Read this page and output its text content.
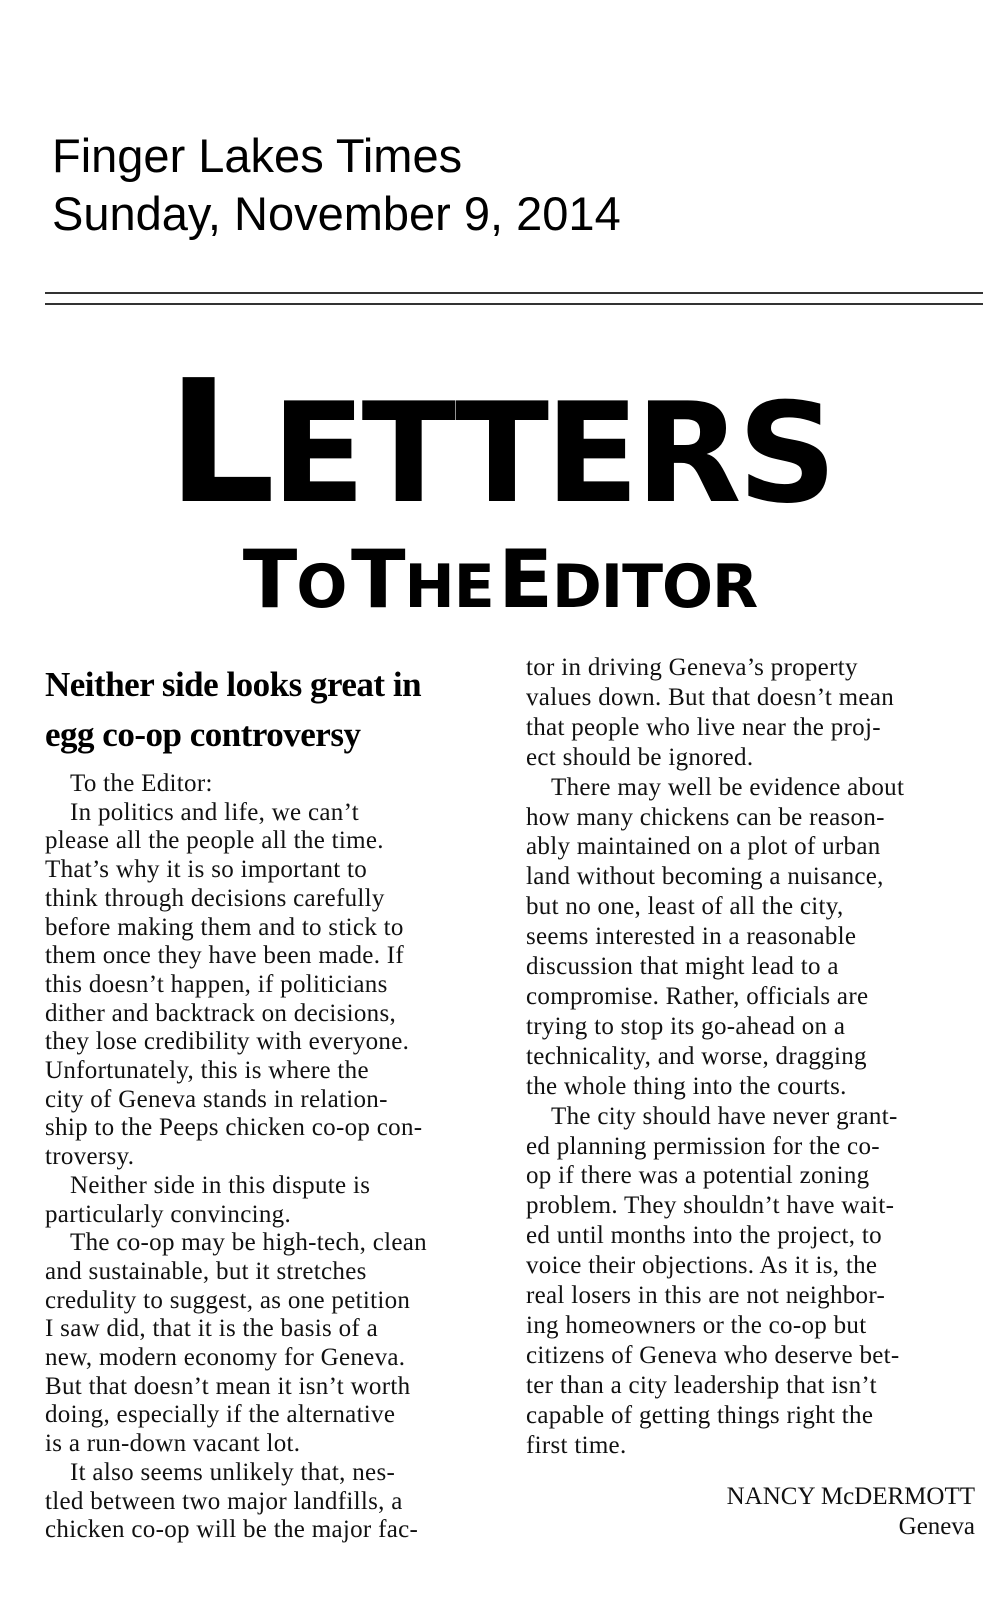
Finger Lakes Times
Sunday, November 9, 2014
LETTERS
TO THE EDITOR
Neither side looks great in
egg co-op controversy
To the Editor:
In politics and life, we can’t
please all the people all the time.
That’s why it is so important to
think through decisions carefully
before making them and to stick to
them once they have been made. If
this doesn’t happen, if politicians
dither and backtrack on decisions,
they lose credibility with everyone.
Unfortunately, this is where the
city of Geneva stands in relation-
ship to the Peeps chicken co-op con-
troversy.
Neither side in this dispute is
particularly convincing.
The co-op may be high-tech, clean
and sustainable, but it stretches
credulity to suggest, as one petition
I saw did, that it is the basis of a
new, modern economy for Geneva.
But that doesn’t mean it isn’t worth
doing, especially if the alternative
is a run-down vacant lot.
It also seems unlikely that, nes-
tled between two major landfills, a
chicken co-op will be the major fac-
tor in driving Geneva’s property
values down. But that doesn’t mean
that people who live near the proj-
ect should be ignored.
There may well be evidence about
how many chickens can be reason-
ably maintained on a plot of urban
land without becoming a nuisance,
but no one, least of all the city,
seems interested in a reasonable
discussion that might lead to a
compromise. Rather, officials are
trying to stop its go-ahead on a
technicality, and worse, dragging
the whole thing into the courts.
The city should have never grant-
ed planning permission for the co-
op if there was a potential zoning
problem. They shouldn’t have wait-
ed until months into the project, to
voice their objections. As it is, the
real losers in this are not neighbor-
ing homeowners or the co-op but
citizens of Geneva who deserve bet-
ter than a city leadership that isn’t
capable of getting things right the
first time.
NANCY McDERMOTT
Geneva
